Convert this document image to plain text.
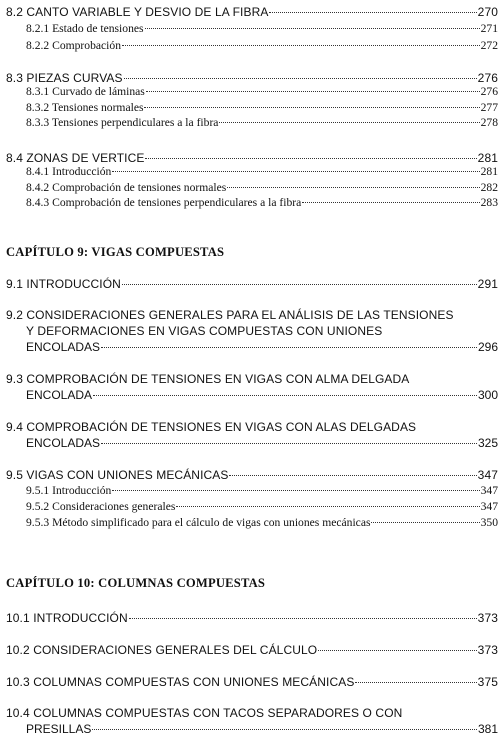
8.2 CANTO VARIABLE Y DESVIO DE LA FIBRA	270
8.2.1 Estado de tensiones	271
8.2.2 Comprobación	272
8.3 PIEZAS CURVAS	276
8.3.1 Curvado de láminas	276
8.3.2 Tensiones normales	277
8.3.3 Tensiones perpendiculares a la fibra	278
8.4 ZONAS DE VERTICE	281
8.4.1 Introducción	281
8.4.2 Comprobación de tensiones normales	282
8.4.3 Comprobación de tensiones perpendiculares a la fibra	283
CAPÍTULO 9: VIGAS COMPUESTAS
9.1 INTRODUCCIÓN	291
9.2 CONSIDERACIONES GENERALES PARA EL ANÁLISIS DE LAS TENSIONES
Y DEFORMACIONES EN VIGAS COMPUESTAS CON UNIONES
ENCOLADAS	296
9.3 COMPROBACIÓN DE TENSIONES EN VIGAS CON ALMA DELGADA
ENCOLADA	300
9.4 COMPROBACIÓN DE TENSIONES EN VIGAS CON ALAS DELGADAS
ENCOLADAS	325
9.5 VIGAS CON UNIONES MECÁNICAS	347
9.5.1 Introducción	347
9.5.2 Consideraciones generales	347
9.5.3 Método simplificado para el cálculo de vigas con uniones mecánicas	350
CAPÍTULO 10: COLUMNAS COMPUESTAS
10.1 INTRODUCCIÓN	373
10.2 CONSIDERACIONES GENERALES DEL CÁLCULO	373
10.3 COLUMNAS COMPUESTAS CON UNIONES MECÁNICAS	375
10.4 COLUMNAS COMPUESTAS CON TACOS SEPARADORES O CON
PRESILLAS	381
